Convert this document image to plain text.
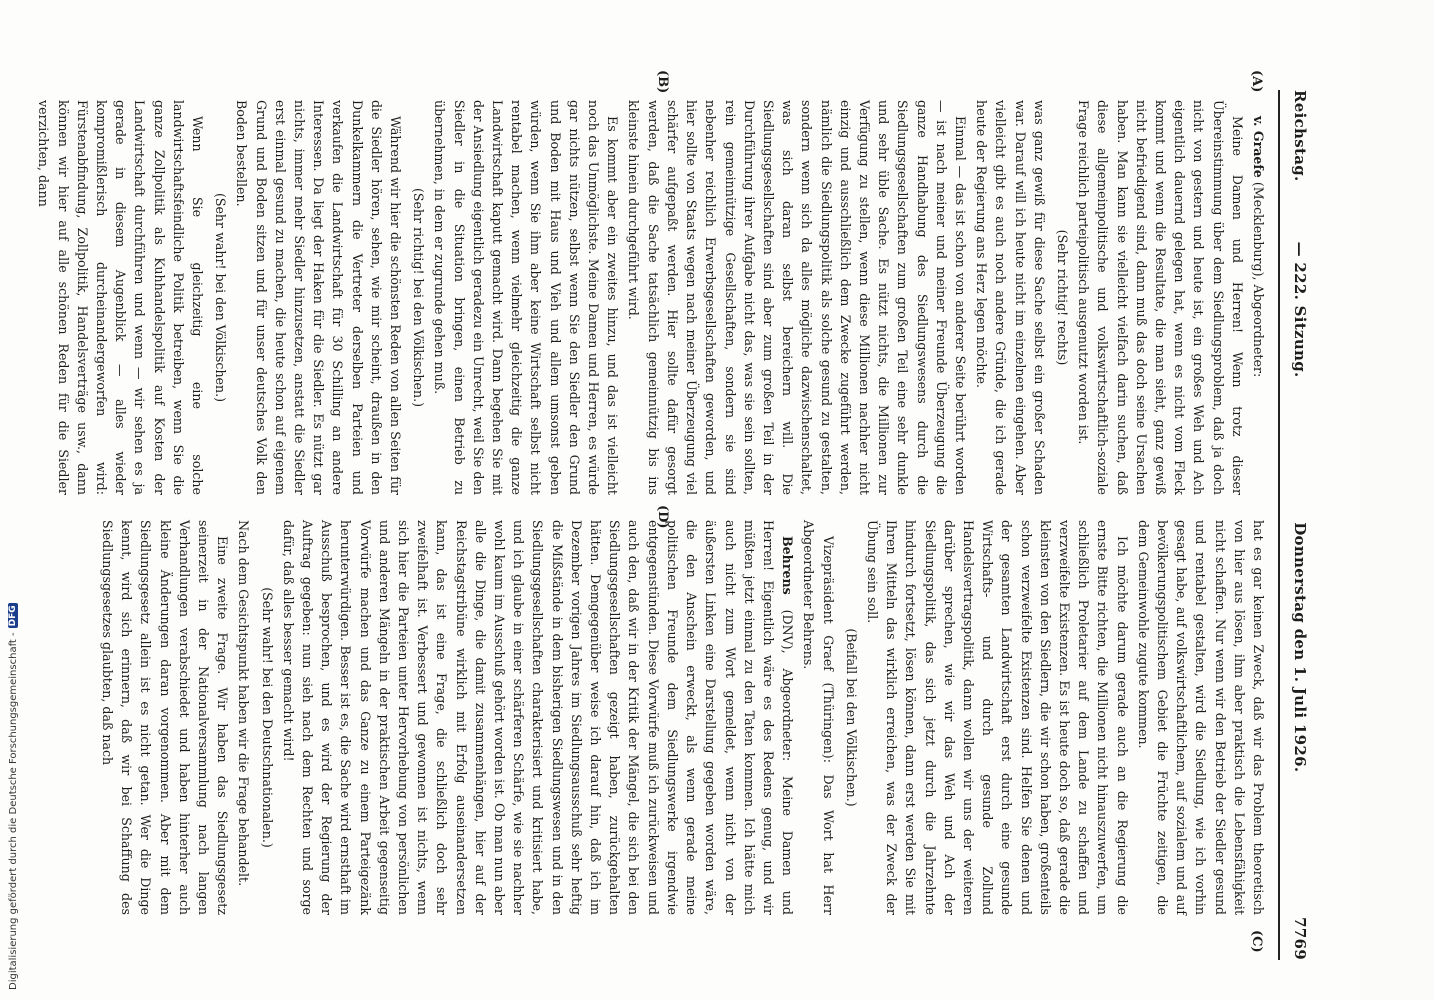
Reichstag.
— 222. Sitzung.
Donnerstag den 1. Juli 1926.
7769
(A)
(B)
(C)
(D)

v. Graefe (Mecklenburg), Abgeordneter:

Meine Damen und Herren! Wenn trotz dieser Übereinstimmung über dem Siedlungsproblem, daß ja doch nicht von gestern und heute ist, ein großes Weh und Ach eigentlich dauernd gelegen hat, wenn es nicht vom Fleck kommt und wenn die Resultate, die man sieht, ganz gewiß nicht befriedigend sind, dann muß das doch seine Ursachen haben. Man kann sie vielleicht vielfach darin suchen, daß diese allgemeinpolitische und volkswirtschaftlich-soziale Frage reichlich parteipolitisch ausgenutzt worden ist.

(Sehr richtig! rechts)

was ganz gewiß für diese Sache selbst ein großer Schaden war. Darauf will ich heute nicht im einzelnen eingehen. Aber vielleicht gibt es auch noch andere Gründe, die ich gerade heute der Regierung ans Herz legen möchte.

Einmal — das ist schon von anderer Seite berührt worden — ist nach meiner und meiner Freunde Überzeugung die ganze Handhabung des Siedlungswesens durch die Siedlungsgesellschaften zum großen Teil eine sehr dunkle und sehr üble Sache. Es nützt nichts, die Millionen zur Verfügung zu stellen, wenn diese Millionen nachher nicht einzig und ausschließlich dem Zwecke zugeführt werden, nämlich die Siedlungspolitik als solche gesund zu gestalten, sondern wenn sich da alles mögliche dazwischenschaltet, was sich daran selbst bereichern will. Die Siedlungsgesellschaften sind aber zum großen Teil in der Durchführung ihrer Aufgabe nicht das, was sie sein sollten, rein gemeinnützige Gesellschaften, sondern sie sind nebenher reichlich Erwerbsgesellschaften geworden, und hier sollte von Staats wegen nach meiner Überzeugung viel schärfer aufgepaßt werden. Hier sollte dafür gesorgt werden, daß die Sache tatsächlich gemeinnützig bis ins kleinste hinein durchgeführt wird.

Es kommt aber ein zweites hinzu, und das ist vielleicht noch das Unmöglichste. Meine Damen und Herren, es würde gar nichts nützen, selbst wenn Sie den Siedler den Grund und Boden mit Haus und Vieh und allem umsonst geben würden, wenn Sie ihm aber keine Wirtschaft selbst nicht rentabel machen, wenn vielmehr gleichzeitig die ganze Landwirtschaft kaputt gemacht wird. Dann begehen Sie mit der Ansiedlung eigentlich geradezu ein Unrecht, weil Sie den Siedler in die Situation bringen, einen Betrieb zu übernehmen, in dem er zugrunde gehen muß.

(Sehr richtig! bei den Völkischen.)

Während wir hier die schönsten Reden von allen Seiten für die Siedler hören, sehen, wie mir scheint, draußen in den Dunkelkammern die Vertreter derselben Parteien und verkaufen die Landwirtschaft für 30 Schilling an andere Interessen. Da liegt der Haken für die Siedler. Es nützt gar nichts, immer mehr Siedler hinzusetzen, anstatt die Siedler erst einmal gesund zu machen, die heute schon auf eigenem Grund und Boden sitzen und für unser deutsches Volk den Boden bestellen.

(Sehr wahr! bei den Völkischen.)

Wenn Sie gleichzeitig eine solche landwirtschaftsfeindliche Politik betreiben, wenn Sie die ganze Zollpolitik als Kuhhandelspolitik auf Kosten der Landwirtschaft durchführen und wenn — wir sehen es ja gerade in diesem Augenblick — alles wieder kompromißlerisch durcheinandergeworfen wird: Fürstenabfindung, Zollpolitik, Handelsverträge usw., dann können wir hier auf alle schönen Reden für die Siedler verzichten, dann

hat es gar keinen Zweck, daß wir das Problem theoretisch von hier aus lösen, ihm aber praktisch die Lebensfähigkeit nicht schaffen. Nur wenn wir den Betrieb der Siedler gesund und rentabel gestalten, wird die Siedlung, wie ich vorhin gesagt habe, auf volkswirtschaftlichem, auf sozialem und auf bevölkerungspolitischem Gebiet die Früchte zeitigen, die dem Gemeinwohle zugute kommen.

Ich möchte darum gerade auch an die Regierung die ernste Bitte richten, die Millionen nicht hinauszuwerfen, um schließlich Proletarier auf dem Lande zu schaffen und verzweifelte Existenzen. Es ist heute doch so, daß gerade die kleinsten von den Siedlern, die wir schon haben, großenteils schon verzweifelte Existenzen sind. Helfen Sie denen und der gesamten Landwirtschaft erst durch eine gesunde Wirtschafts- und durch gesunde Zollund Handelsvertragspolitik, dann wollen wir uns der weiteren darüber sprechen, wie wir das Weh und Ach der Siedlungspolitik, das sich jetzt durch die Jahrzehnte hindurch fortsetzt, lösen können, dann erst werden Sie mit Ihren Mitteln das wirklich erreichen, was der Zweck der Übung sein soll.

(Beifall bei den Völkischen.)

Vizepräsident Graef (Thüringen): Das Wort hat Herr Abgeordneter Behrens.

Behrens (DNV), Abgeordneter: Meine Damen und Herren! Eigentlich wäre es des Redens genug, und wir müßten jetzt einmal zu den Taten kommen. Ich hätte mich auch nicht zum Wort gemeldet, wenn nicht von der äußersten Linken eine Darstellung gegeben worden wäre, die den Anschein erweckt, als wenn gerade meine politischen Freunde dem Siedlungswerke irgendwie entgegenstünden. Diese Vorwürfe muß ich zurückweisen und auch den, daß wir in der Kritik der Mängel, die sich bei den Siedlungsgesellschaften gezeigt haben, zurückgehalten hätten. Demgegenüber weise ich darauf hin, daß ich im Dezember vorigen Jahres im Siedlungsausschuß sehr heftig die Mißstände in dem bisherigen Siedlungswesen und in den Siedlungsgesellschaften charakterisiert und kritisiert habe, und ich glaube in einer schärferen Schärfe, wie sie nachher wohl kaum im Ausschuß gehört worden ist. Ob man nun aber alle die Dinge, die damit zusammenhängen, hier auf der Reichstagstribüne wirklich mit Erfolg auseinandersetzen kann, das ist eine Frage, die schließlich doch sehr zweifelhaft ist. Verbessert und gewonnen ist nichts, wenn sich hier die Parteien unter Hervorhebung von persönlichen und anderen Mängeln in der praktischen Arbeit gegenseitig Vorwürfe machen und das Ganze zu einem Parteigezänk herunterwürdigen. Besser ist es, die Sache wird ernsthaft im Ausschuß besprochen, und es wird der Regierung der Auftrag gegeben: nun sieh nach dem Rechten und sorge dafür, daß alles besser gemacht wird!

(Sehr wahr! bei den Deutschnationalen.)

Nach dem Gesichtspunkt haben wir die Frage behandelt.

Eine zweite Frage. Wir haben das Siedlungsgesetz seinerzeit in der Nationalversammlung nach langen Verhandlungen verabschiedet und haben hinterher auch kleine Änderungen daran vorgenommen. Aber mit dem Siedlungsgesetz allein ist es nicht getan. Wer die Dinge kennt, wird sich erinnern, daß wir bei Schaffung des Siedlungsgesetzes glaubten, daß nach

Digitalisierung gefördert durch die Deutsche Forschungsgemeinschaft -
DFG
